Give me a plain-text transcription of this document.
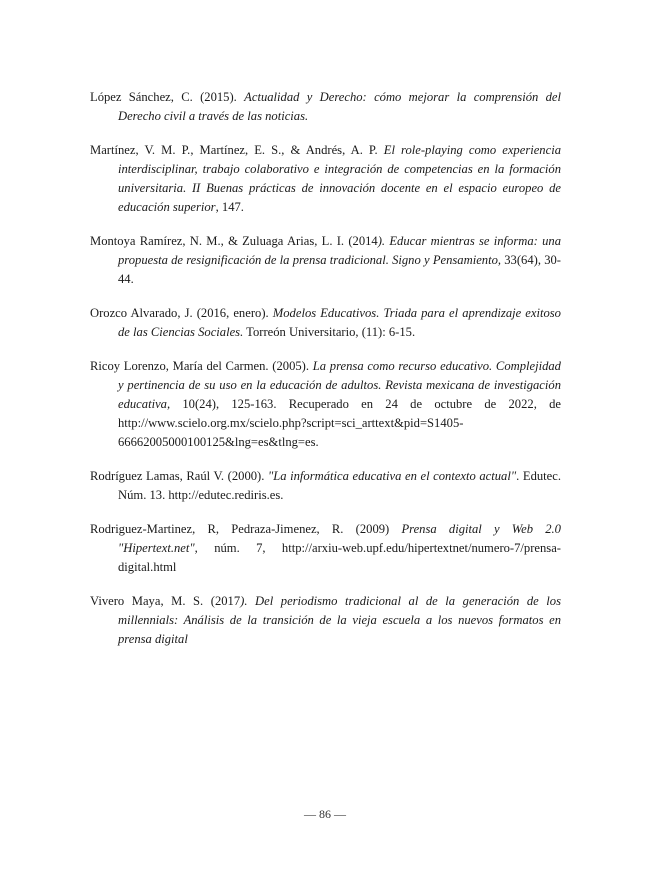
López Sánchez, C. (2015). Actualidad y Derecho: cómo mejorar la comprensión del Derecho civil a través de las noticias.
Martínez, V. M. P., Martínez, E. S., & Andrés, A. P. El role-playing como experiencia interdisciplinar, trabajo colaborativo e integración de competencias en la formación universitaria. II Buenas prácticas de innovación docente en el espacio europeo de educación superior, 147.
Montoya Ramírez, N. M., & Zuluaga Arias, L. I. (2014). Educar mientras se informa: una propuesta de resignificación de la prensa tradicional. Signo y Pensamiento, 33(64), 30-44.
Orozco Alvarado, J. (2016, enero). Modelos Educativos. Triada para el aprendizaje exitoso de las Ciencias Sociales. Torreón Universitario, (11): 6-15.
Ricoy Lorenzo, María del Carmen. (2005). La prensa como recurso educativo. Complejidad y pertinencia de su uso en la educación de adultos. Revista mexicana de investigación educativa, 10(24), 125-163. Recuperado en 24 de octubre de 2022, de http://www.scielo.org.mx/scielo.php?script=sci_arttext&pid=S1405-66662005000100125&lng=es&tlng=es.
Rodríguez Lamas, Raúl V. (2000). "La informática educativa en el contexto actual". Edutec. Núm. 13. http://edutec.rediris.es.
Rodriguez-Martinez, R, Pedraza-Jimenez, R. (2009) Prensa digital y Web 2.0 "Hipertext.net", núm. 7, http://arxiu-web.upf.edu/hipertextnet/numero-7/prensa-digital.html
Vivero Maya, M. S. (2017). Del periodismo tradicional al de la generación de los millennials: Análisis de la transición de la vieja escuela a los nuevos formatos en prensa digital
— 86 —
